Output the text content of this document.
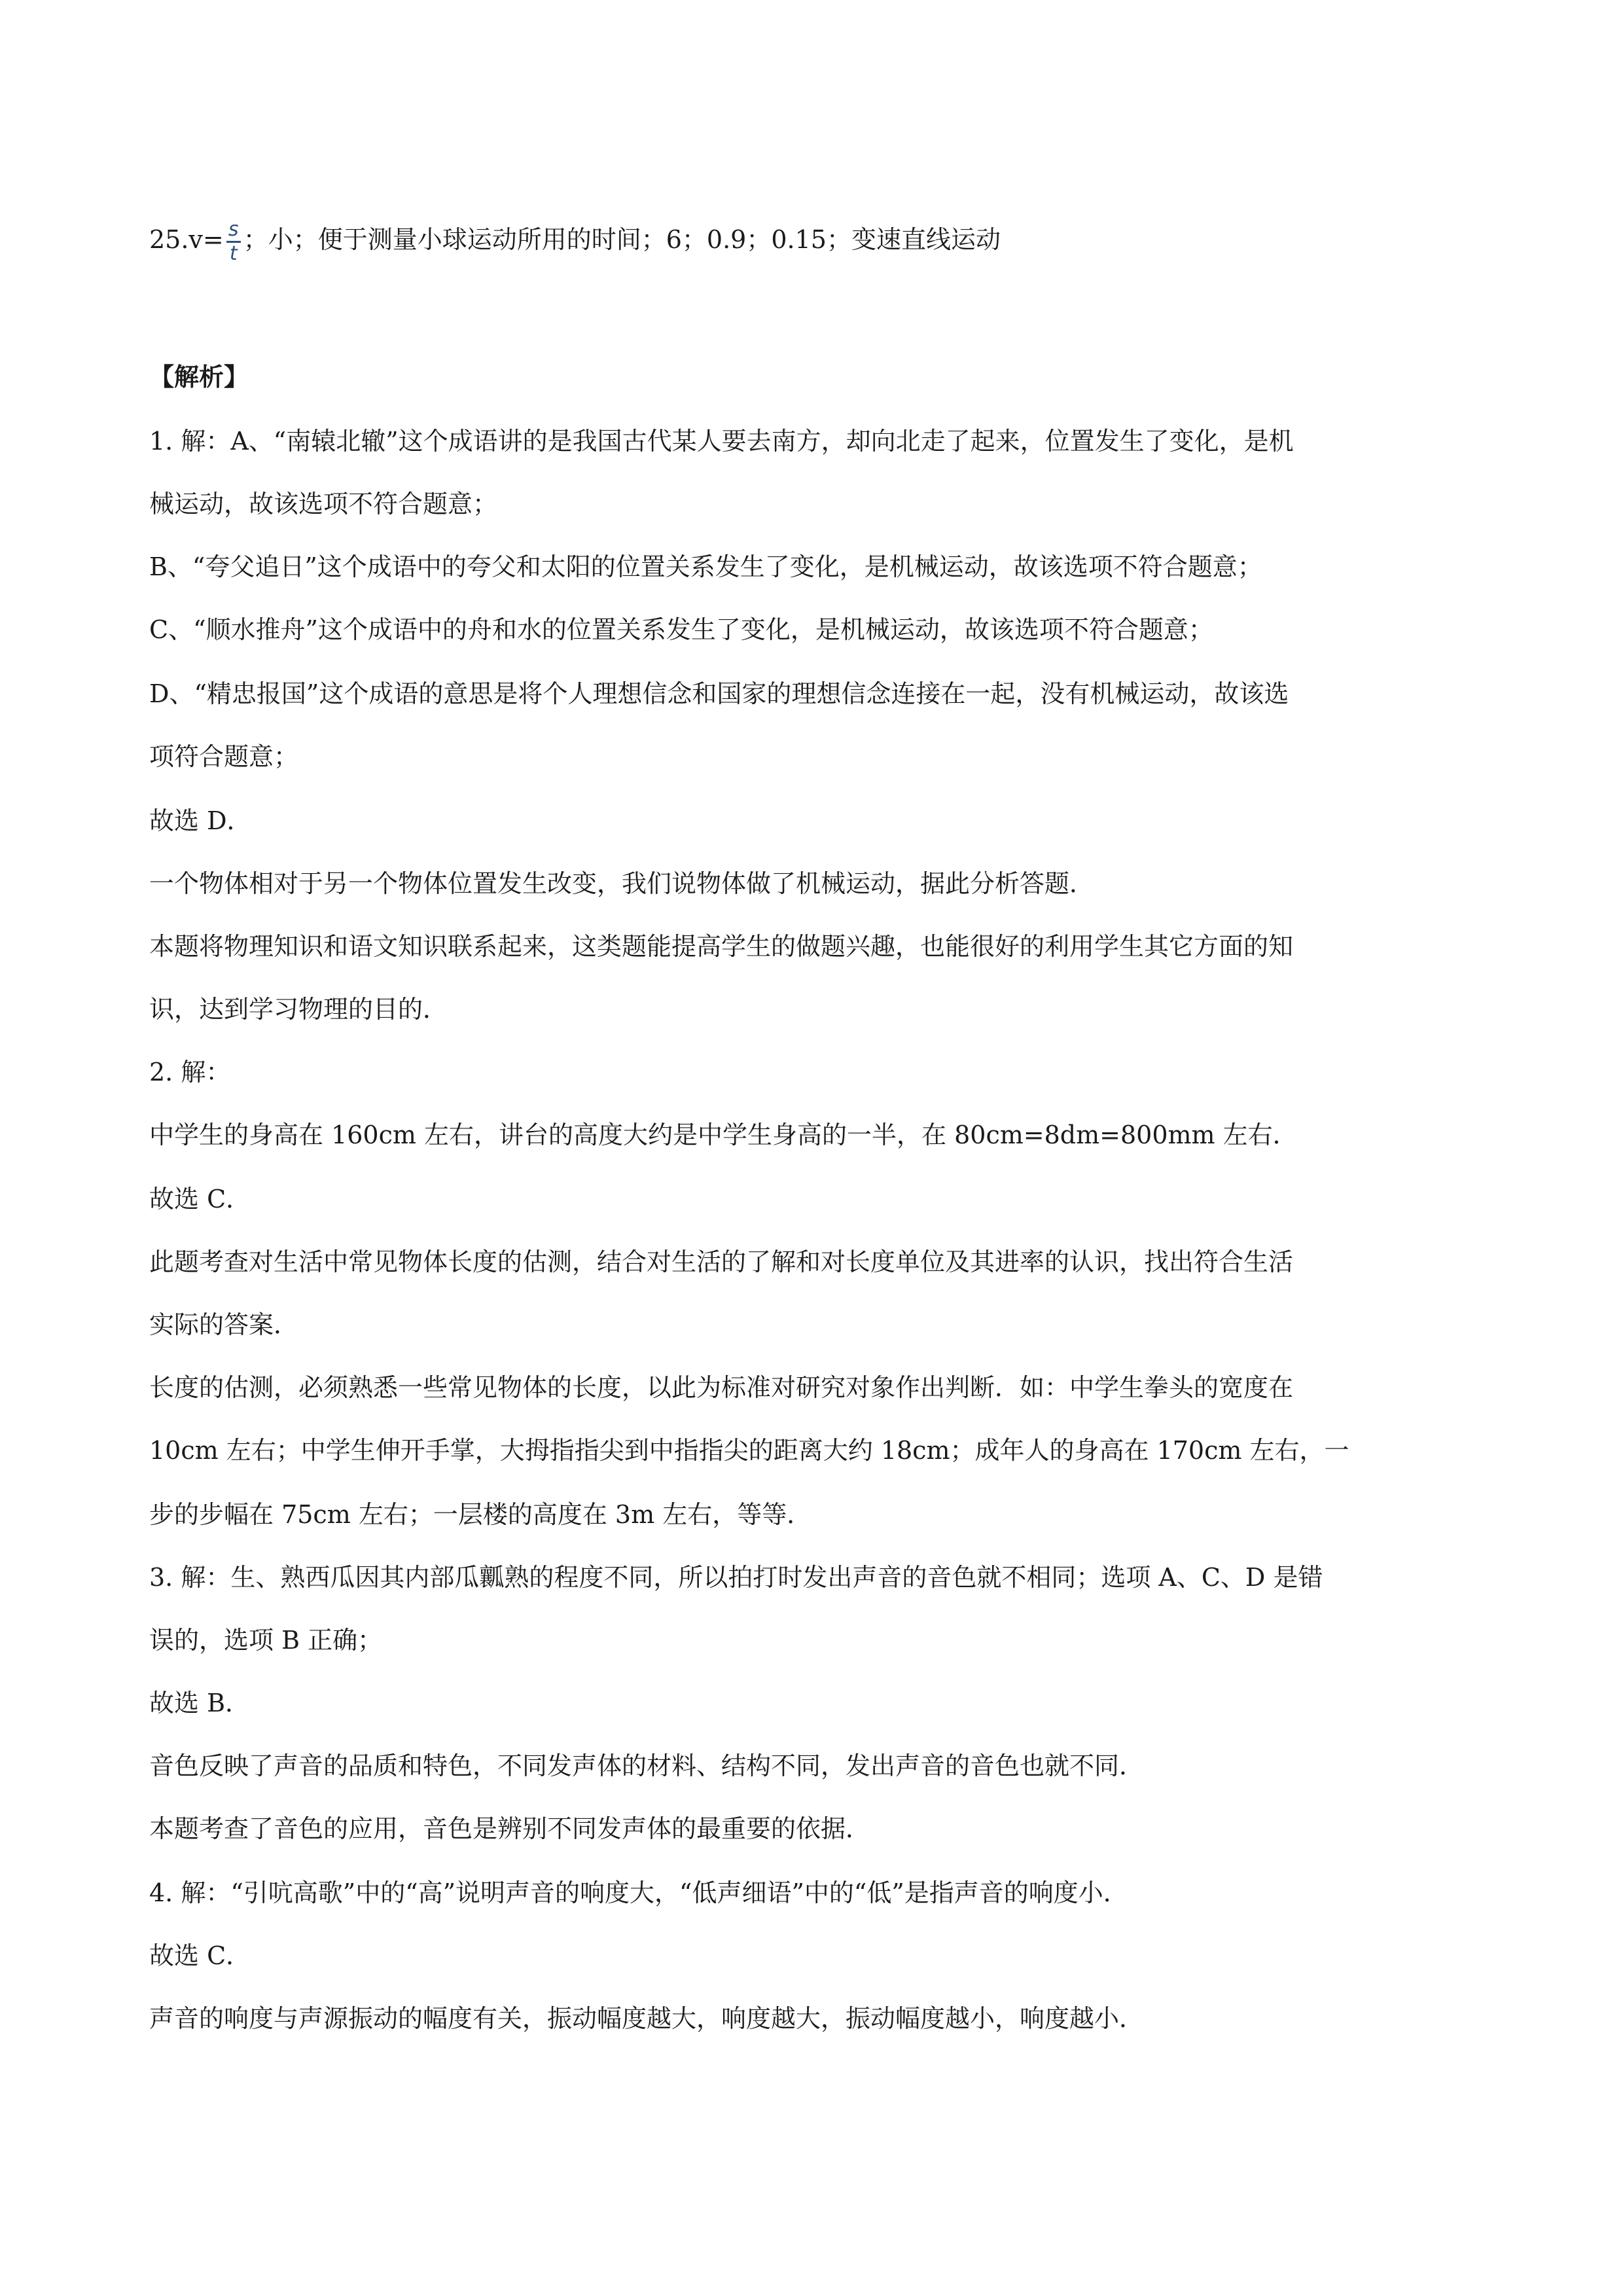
$25.v= \frac{s}{t}$ ；小；便于测量小球运动所用的时间；6；0.9；0.15；变速直线运动
【解析】
1. 解：A、“南辕北辙”这个成语讲的是我国古代某人要去南方，却向北走了起来，位置发生了变化，是机
械运动，故该选项不符合题意；
B、“夸父追日”这个成语中的夸父和太阳的位置关系发生了变化，是机械运动，故该选项不符合题意；
C、“顺水推舟”这个成语中的舟和水的位置关系发生了变化，是机械运动，故该选项不符合题意；
D、“精忠报国”这个成语的意思是将个人理想信念和国家的理想信念连接在一起，没有机械运动，故该选
项符合题意；
故选 D．
一个物体相对于另一个物体位置发生改变，我们说物体做了机械运动，据此分析答题．
本题将物理知识和语文知识联系起来，这类题能提高学生的做题兴趣，也能很好的利用学生其它方面的知
识，达到学习物理的目的．
2. 解：
中学生的身高在 160cm 左右，讲台的高度大约是中学生身高的一半，在 80cm=8dm=800mm 左右．
故选 C．
此题考查对生活中常见物体长度的估测，结合对生活的了解和对长度单位及其进率的认识，找出符合生活
实际的答案．
长度的估测，必须熟悉一些常见物体的长度，以此为标准对研究对象作出判断．如：中学生拳头的宽度在
10cm 左右；中学生伸开手掌，大拇指指尖到中指指尖的距离大约 18cm；成年人的身高在 170cm 左右，一
步的步幅在 75cm 左右；一层楼的高度在 3m 左右，等等．
3. 解：生、熟西瓜因其内部瓜瓤熟的程度不同，所以拍打时发出声音的音色就不相同；选项 A、C、D 是错
误的，选项 B 正确；
故选 B．
音色反映了声音的品质和特色，不同发声体的材料、结构不同，发出声音的音色也就不同．
本题考查了音色的应用，音色是辨别不同发声体的最重要的依据．
4. 解：“引吭高歌”中的“高”说明声音的响度大，“低声细语”中的“低”是指声音的响度小．
故选 C．
声音的响度与声源振动的幅度有关，振动幅度越大，响度越大，振动幅度越小，响度越小．
